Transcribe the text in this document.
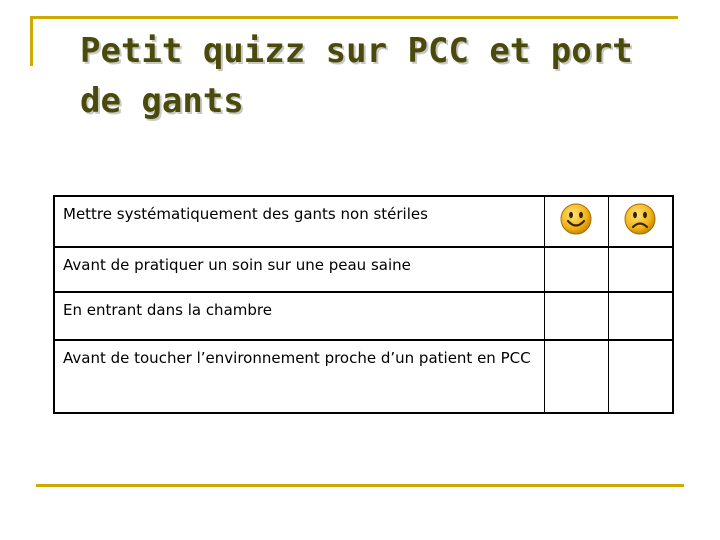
Petit quizz sur PCC et port de gants
Mettre systématiquement des gants non stériles		
Avant de pratiquer un soin sur une peau saine		
En entrant dans la chambre		
Avant de toucher l’environnement proche d’un patient en PCC		
